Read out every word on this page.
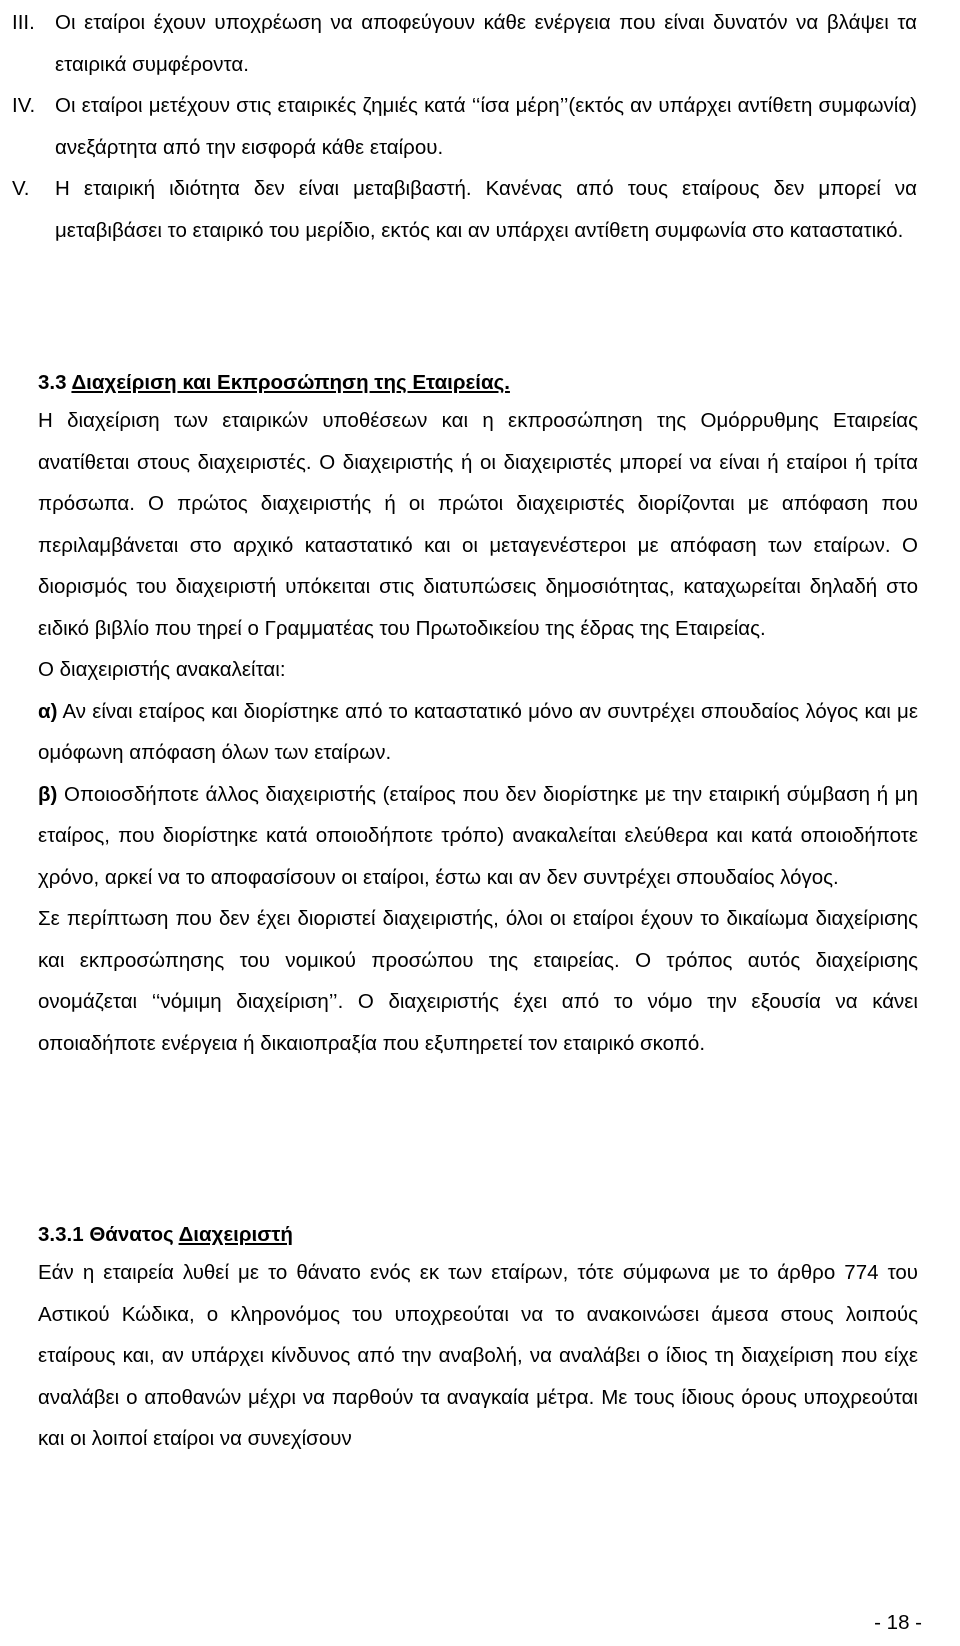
III. Οι εταίροι έχουν υποχρέωση να αποφεύγουν κάθε ενέργεια που είναι δυνατόν να βλάψει τα εταιρικά συμφέροντα.
IV. Οι εταίροι μετέχουν στις εταιρικές ζημιές κατά ‘‘ίσα μέρη’’(εκτός αν υπάρχει αντίθετη συμφωνία) ανεξάρτητα από την εισφορά κάθε εταίρου.
V. Η εταιρική ιδιότητα δεν είναι μεταβιβαστή. Κανένας από τους εταίρους δεν μπορεί να μεταβιβάσει το εταιρικό του μερίδιο, εκτός και αν υπάρχει αντίθετη συμφωνία στο καταστατικό.
3.3 Διαχείριση και Εκπροσώπηση της Εταιρείας.

Η διαχείριση των εταιρικών υποθέσεων και η εκπροσώπηση της Ομόρρυθμης Εταιρείας ανατίθεται στους διαχειριστές. Ο διαχειριστής ή οι διαχειριστές μπορεί να είναι ή εταίροι ή τρίτα πρόσωπα. Ο πρώτος διαχειριστής ή οι πρώτοι διαχειριστές διορίζονται με απόφαση που περιλαμβάνεται στο αρχικό καταστατικό και οι μεταγενέστεροι με απόφαση των εταίρων. Ο διορισμός του διαχειριστή υπόκειται στις διατυπώσεις δημοσιότητας, καταχωρείται δηλαδή στο ειδικό βιβλίο που τηρεί ο Γραμματέας του Πρωτοδικείου της έδρας της Εταιρείας.

Ο διαχειριστής ανακαλείται:

α) Αν είναι εταίρος και διορίστηκε από το καταστατικό μόνο αν συντρέχει σπουδαίος λόγος και με ομόφωνη απόφαση όλων των εταίρων.

β) Οποιοσδήποτε άλλος διαχειριστής (εταίρος που δεν διορίστηκε με την εταιρική σύμβαση ή μη εταίρος, που διορίστηκε κατά οποιοδήποτε τρόπο) ανακαλείται ελεύθερα και κατά οποιοδήποτε χρόνο, αρκεί να το αποφασίσουν οι εταίροι, έστω και αν δεν συντρέχει σπουδαίος λόγος.

Σε περίπτωση που δεν έχει διοριστεί διαχειριστής, όλοι οι εταίροι έχουν το δικαίωμα διαχείρισης και εκπροσώπησης του νομικού προσώπου της εταιρείας. Ο τρόπος αυτός διαχείρισης ονομάζεται ‘‘νόμιμη διαχείριση’’. Ο διαχειριστής έχει από το νόμο την εξουσία να κάνει οποιαδήποτε ενέργεια ή δικαιοπραξία που εξυπηρετεί τον εταιρικό σκοπό.

3.3.1 Θάνατος Διαχειριστή

Εάν η εταιρεία λυθεί με το θάνατο ενός εκ των εταίρων, τότε σύμφωνα με το άρθρο 774 του Αστικού Κώδικα, ο κληρονόμος του υποχρεούται να το ανακοινώσει άμεσα στους λοιπούς εταίρους και, αν υπάρχει κίνδυνος από την αναβολή, να αναλάβει ο ίδιος τη διαχείριση που είχε αναλάβει ο αποθανών μέχρι να παρθούν τα αναγκαία μέτρα. Με τους ίδιους όρους υποχρεούται και οι λοιποί εταίροι να συνεχίσουν

- 18 -
